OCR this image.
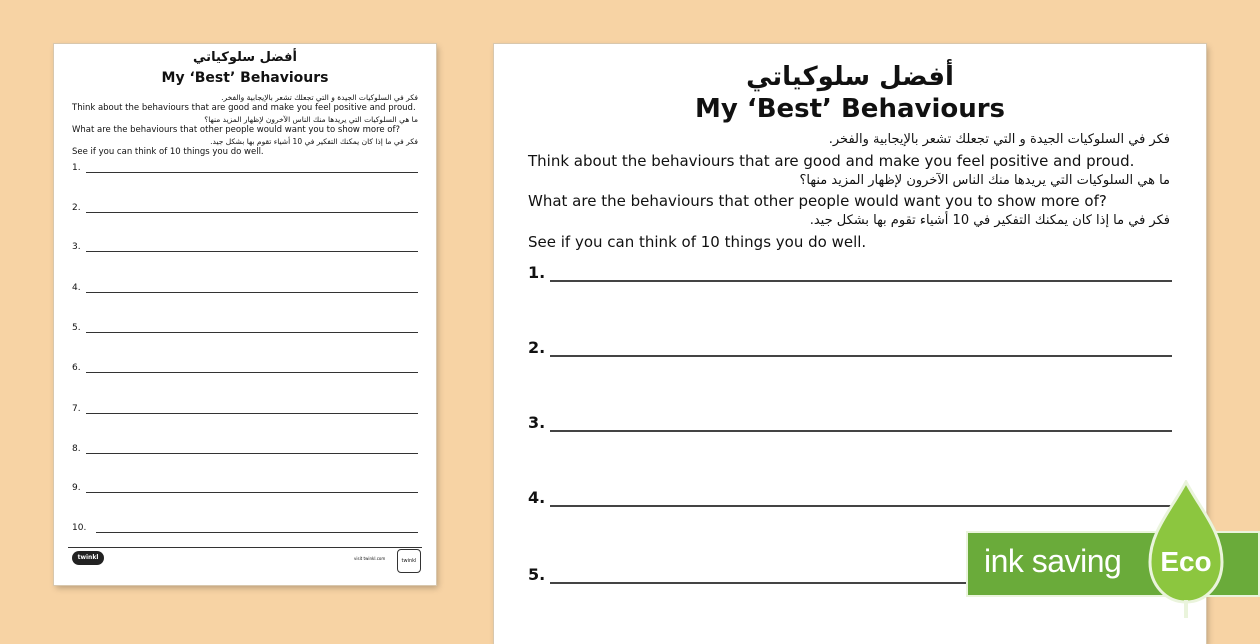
أفضل سلوكياتي
My ‘Best’ Behaviours
فكر في السلوكيات الجيدة و التي تجعلك تشعر بالإيجابية والفخر.
Think about the behaviours that are good and make you feel positive and proud.
ما هي السلوكيات التي يريدها منك الناس الآخرون لإظهار المزيد منها؟
What are the behaviours that other people would want you to show more of?
فكر في ما إذا كان يمكنك التفكير في 10 أشياء تقوم بها بشكل جيد.
See if you can think of 10 things you do well.
1.
2.
3.
4.
5.
6.
7.
8.
9.
10.
twinkl	visit twinkl.com	twinkl
أفضل سلوكياتي
My ‘Best’ Behaviours
فكر في السلوكيات الجيدة و التي تجعلك تشعر بالإيجابية والفخر.
Think about the behaviours that are good and make you feel positive and proud.
ما هي السلوكيات التي يريدها منك الناس الآخرون لإظهار المزيد منها؟
What are the behaviours that other people would want you to show more of?
فكر في ما إذا كان يمكنك التفكير في 10 أشياء تقوم بها بشكل جيد.
See if you can think of 10 things you do well.
1.
2.
3.
4.
5.	ink saving Eco
